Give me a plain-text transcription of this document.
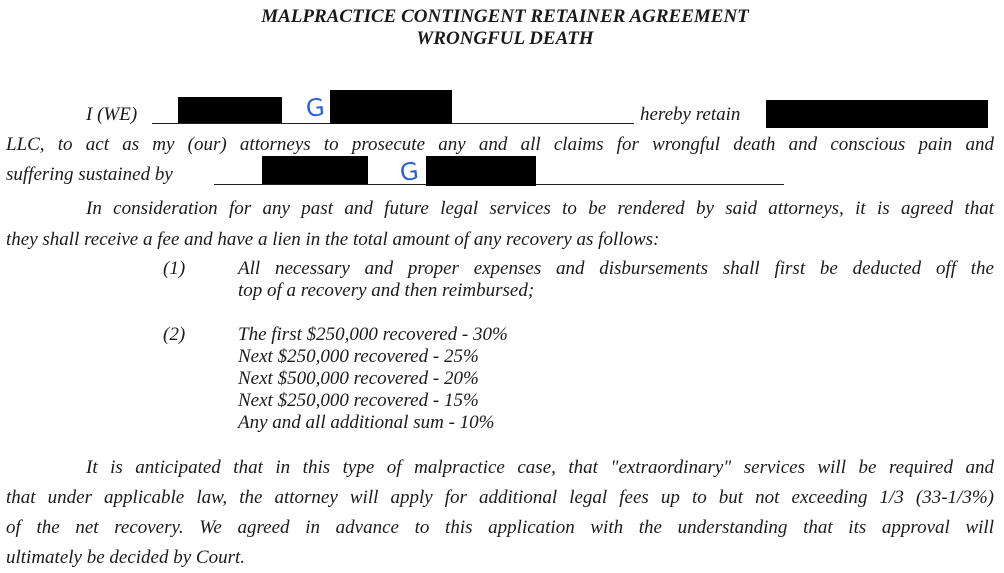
MALPRACTICE CONTINGENT RETAINER AGREEMENT
WRONGFUL DEATH
I (WE)	G	hereby retain
LLC, to act as my (our) attorneys to prosecute any and all claims for wrongful death and conscious pain and
suffering sustained by	G
In consideration for any past and future legal services to be rendered by said attorneys, it is agreed that
they shall receive a fee and have a lien in the total amount of any recovery as follows:
(1)	All necessary and proper expenses and disbursements shall first be deducted off the
top of a recovery and then reimbursed;
(2)	The first $250,000 recovered - 30%
Next $250,000 recovered - 25%
Next $500,000 recovered - 20%
Next $250,000 recovered - 15%
Any and all additional sum - 10%
It is anticipated that in this type of malpractice case, that "extraordinary" services will be required and
that under applicable law, the attorney will apply for additional legal fees up to but not exceeding 1/3 (33-1/3%)
of the net recovery. We agreed in advance to this application with the understanding that its approval will
ultimately be decided by Court.
